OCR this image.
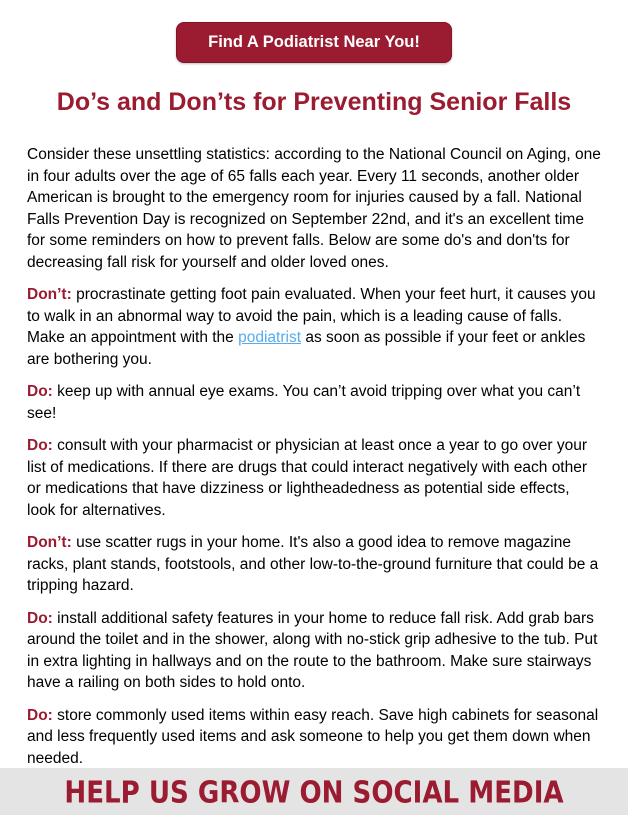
Find A Podiatrist Near You!
Do’s and Don’ts for Preventing Senior Falls

Consider these unsettling statistics: according to the National Council on Aging, one in four adults over the age of 65 falls each year. Every 11 seconds, another older American is brought to the emergency room for injuries caused by a fall. National Falls Prevention Day is recognized on September 22nd, and it's an excellent time for some reminders on how to prevent falls. Below are some do's and don'ts for decreasing fall risk for yourself and older loved ones.

Don’t: procrastinate getting foot pain evaluated. When your feet hurt, it causes you to walk in an abnormal way to avoid the pain, which is a leading cause of falls. Make an appointment with the podiatrist as soon as possible if your feet or ankles are bothering you.

Do: keep up with annual eye exams. You can’t avoid tripping over what you can’t see!

Do: consult with your pharmacist or physician at least once a year to go over your list of medications. If there are drugs that could interact negatively with each other or medications that have dizziness or lightheadedness as potential side effects, look for alternatives.

Don’t: use scatter rugs in your home. It's also a good idea to remove magazine racks, plant stands, footstools, and other low-to-the-ground furniture that could be a tripping hazard.

Do: install additional safety features in your home to reduce fall risk. Add grab bars around the toilet and in the shower, along with no-stick grip adhesive to the tub. Put in extra lighting in hallways and on the route to the bathroom. Make sure stairways have a railing on both sides to hold onto.

Do: store commonly used items within easy reach. Save high cabinets for seasonal and less frequently used items and ask someone to help you get them down when needed.

HELP US GROW ON SOCIAL MEDIA
